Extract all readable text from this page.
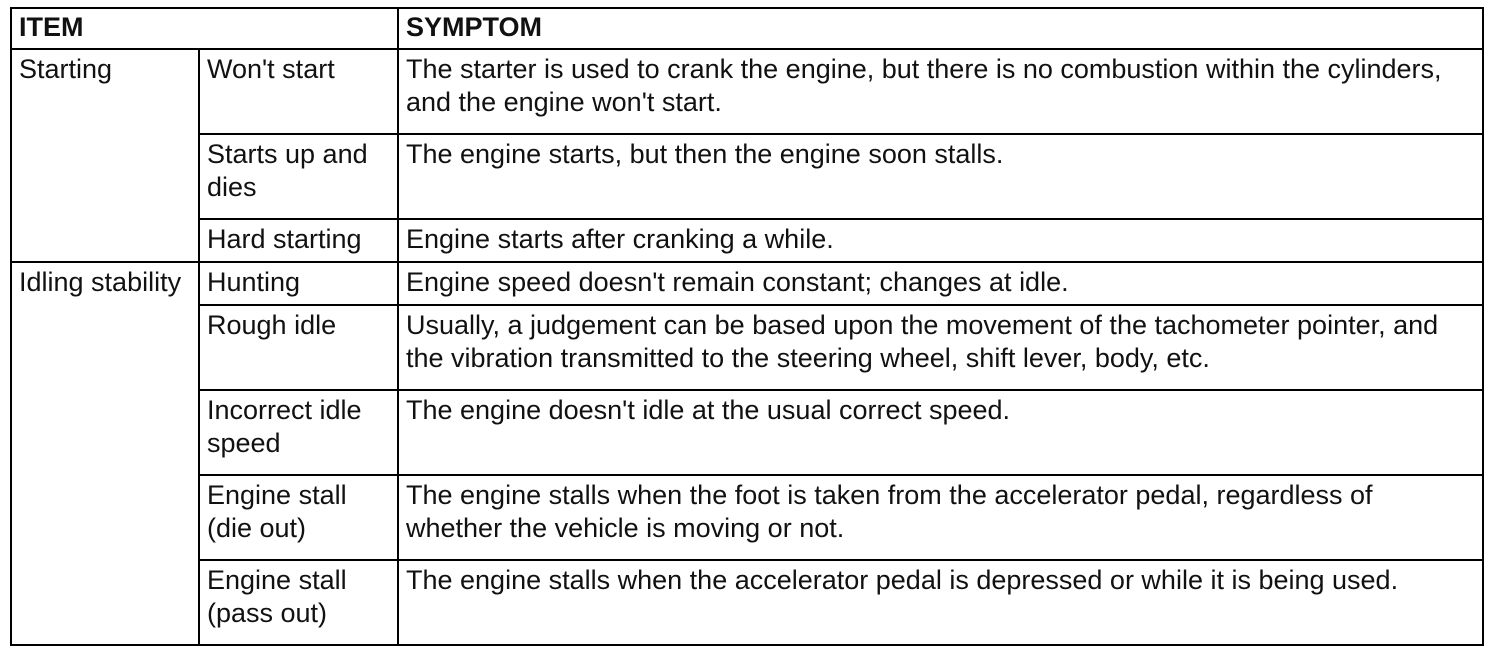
ITEM		SYMPTOM
Starting	Won't start	The starter is used to crank the engine, but there is no combustion within the cylinders, and the engine won't start.
	Starts up and dies	The engine starts, but then the engine soon stalls.
	Hard starting	Engine starts after cranking a while.
Idling stability	Hunting	Engine speed doesn't remain constant; changes at idle.
	Rough idle	Usually, a judgement can be based upon the movement of the tachometer pointer, and the vibration transmitted to the steering wheel, shift lever, body, etc.
	Incorrect idle speed	The engine doesn't idle at the usual correct speed.
	Engine stall (die out)	The engine stalls when the foot is taken from the accelerator pedal, regardless of whether the vehicle is moving or not.
	Engine stall (pass out)	The engine stalls when the accelerator pedal is depressed or while it is being used.
